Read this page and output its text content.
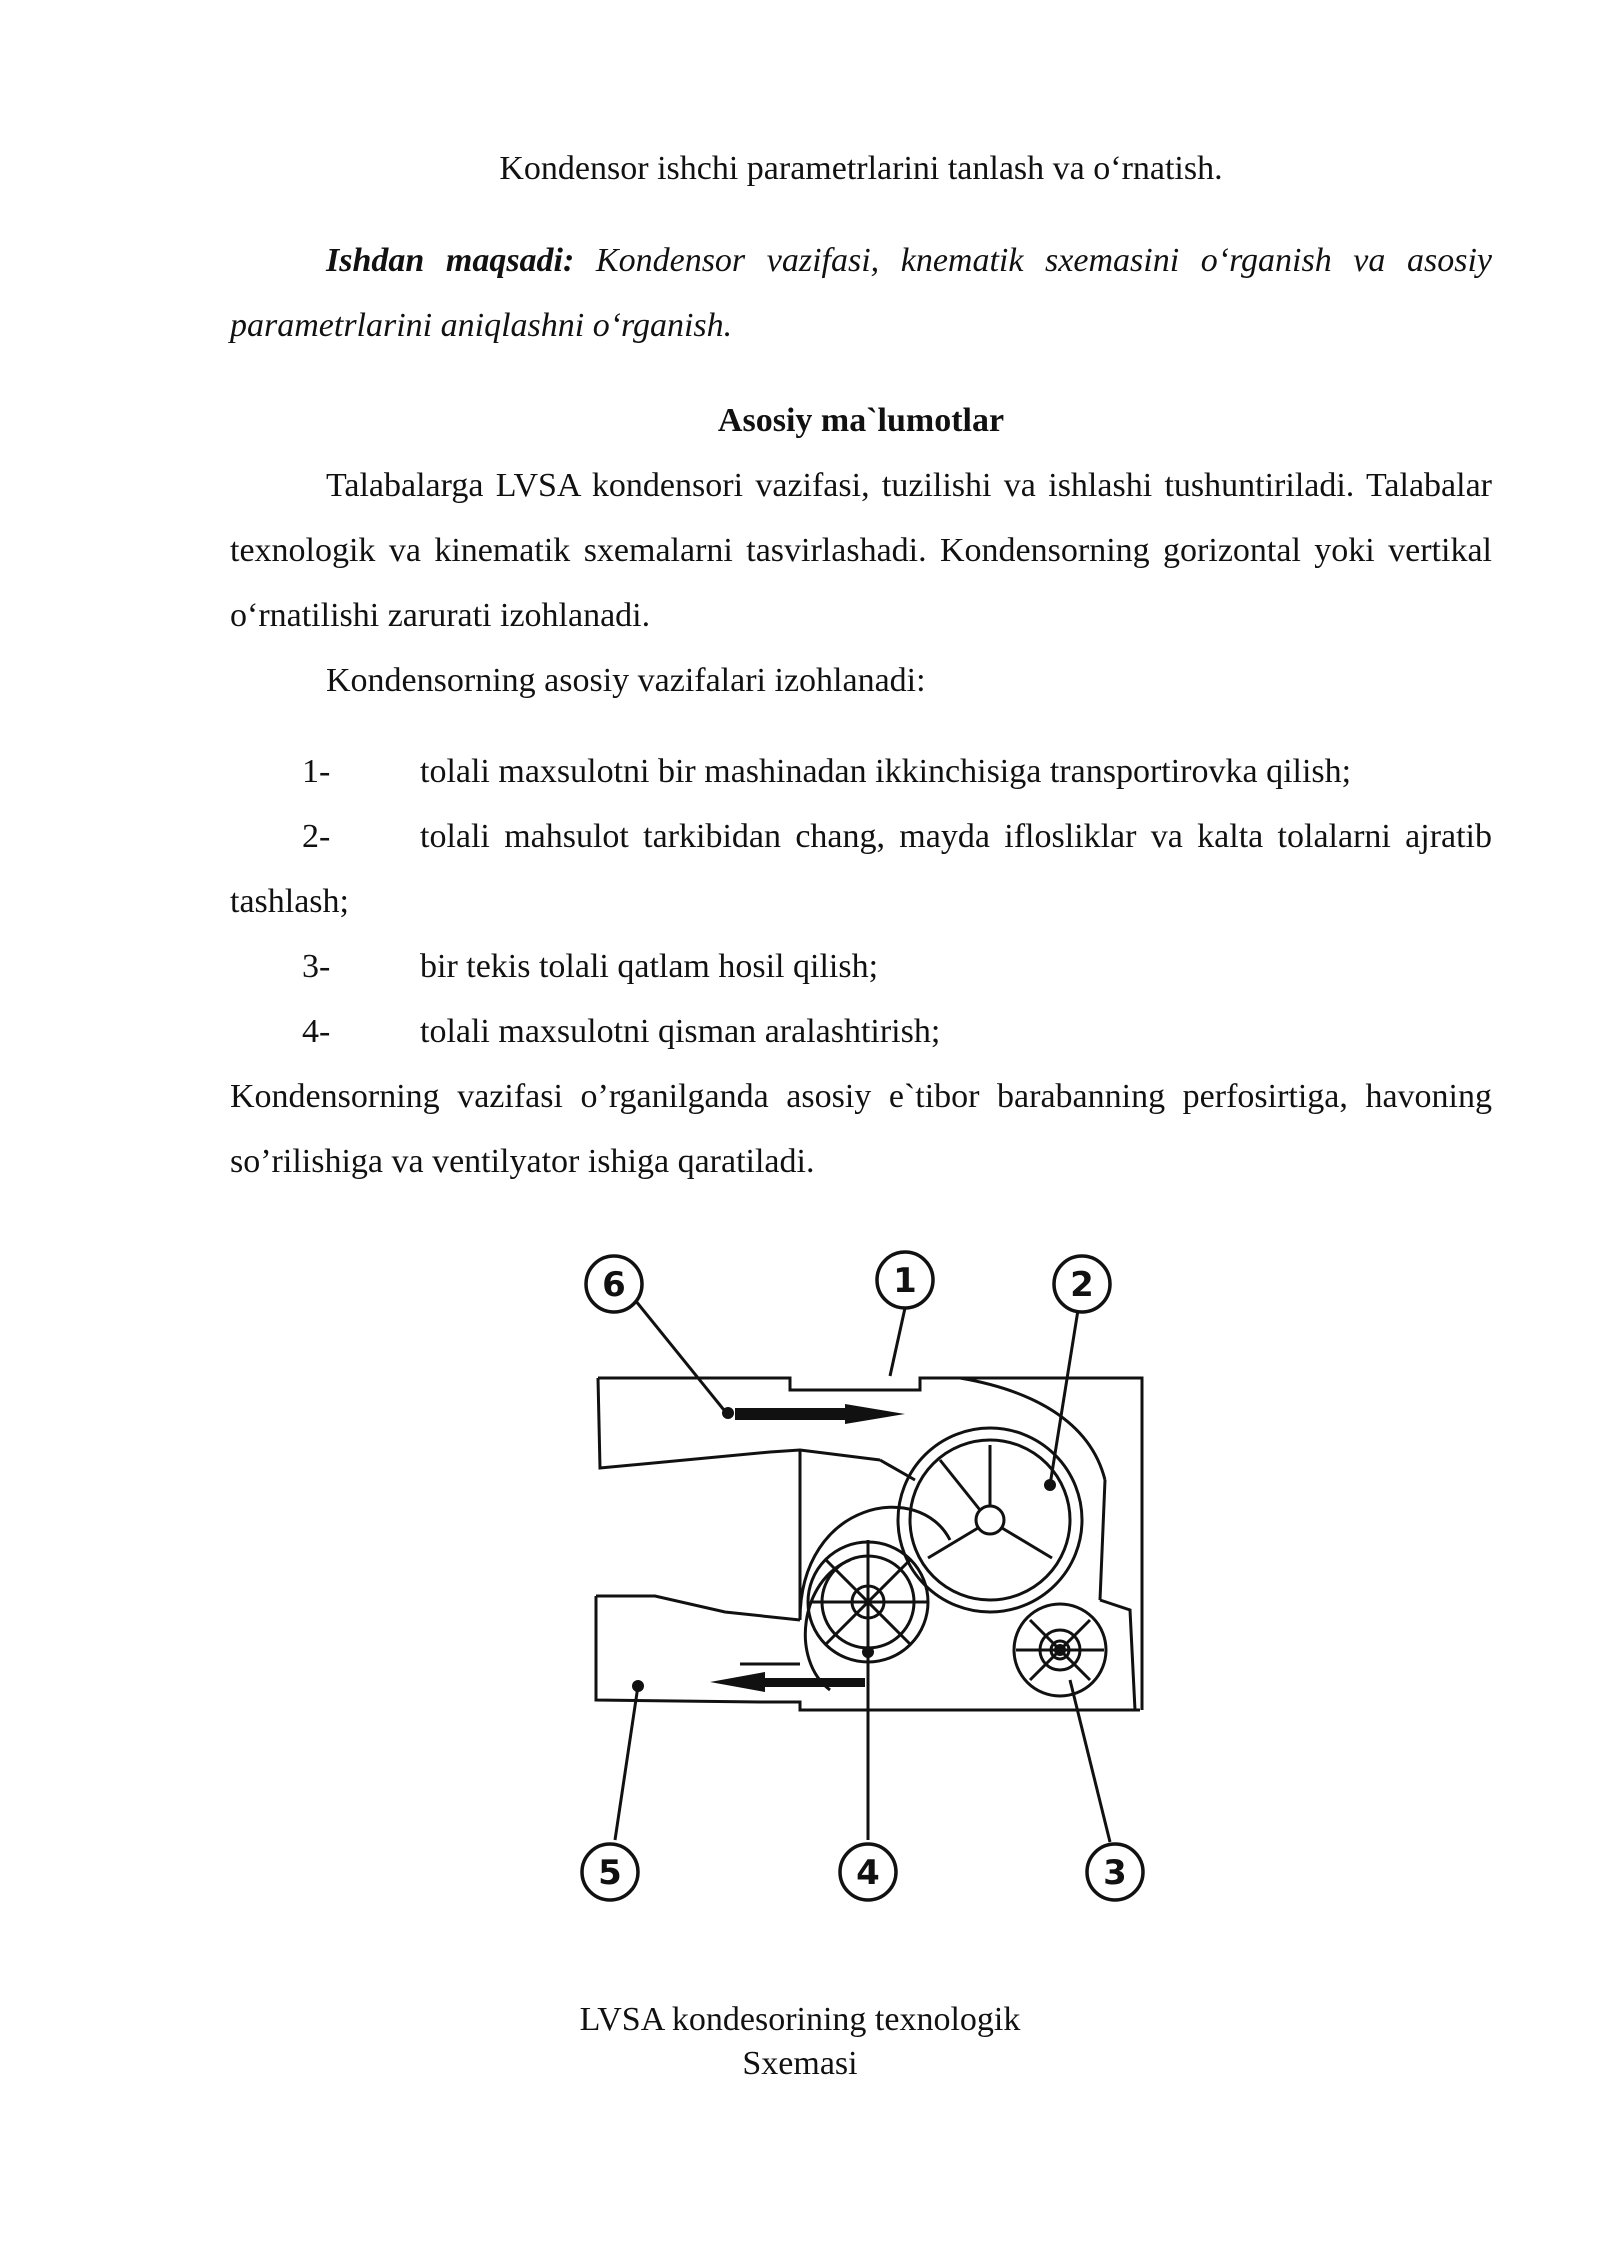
Kondensor ishchi parametrlarini tanlash va o‘rnatish.

Ishdan maqsadi: Kondensor vazifasi, knematik sxemasini o‘rganish va asosiy parametrlarini aniqlashni o‘rganish.

Asosiy ma`lumotlar

Talabalarga LVSA kondensori vazifasi, tuzilishi va ishlashi tushuntiriladi. Talabalar texnologik va kinematik sxemalarni tasvirlashadi. Kondensorning gorizontal yoki vertikal o‘rnatilishi zarurati izohlanadi.

Kondensorning asosiy vazifalari izohlanadi:

1-	tolali maxsulotni bir mashinadan ikkinchisiga transportirovka qilish;
2-	tolali mahsulot tarkibidan chang, mayda iflosliklar va kalta tolalarni ajratib tashlash;
3-	bir tekis tolali qatlam hosil qilish;
4-	tolali maxsulotni qisman aralashtirish;

Kondensorning vazifasi o’rganilganda asosiy e`tibor barabanning perfosirtiga, havoning so’rilishiga va ventilyator ishiga qaratiladi.

1	2
3
4
5
6
LVSA kondesorining texnologik
Sxemasi
